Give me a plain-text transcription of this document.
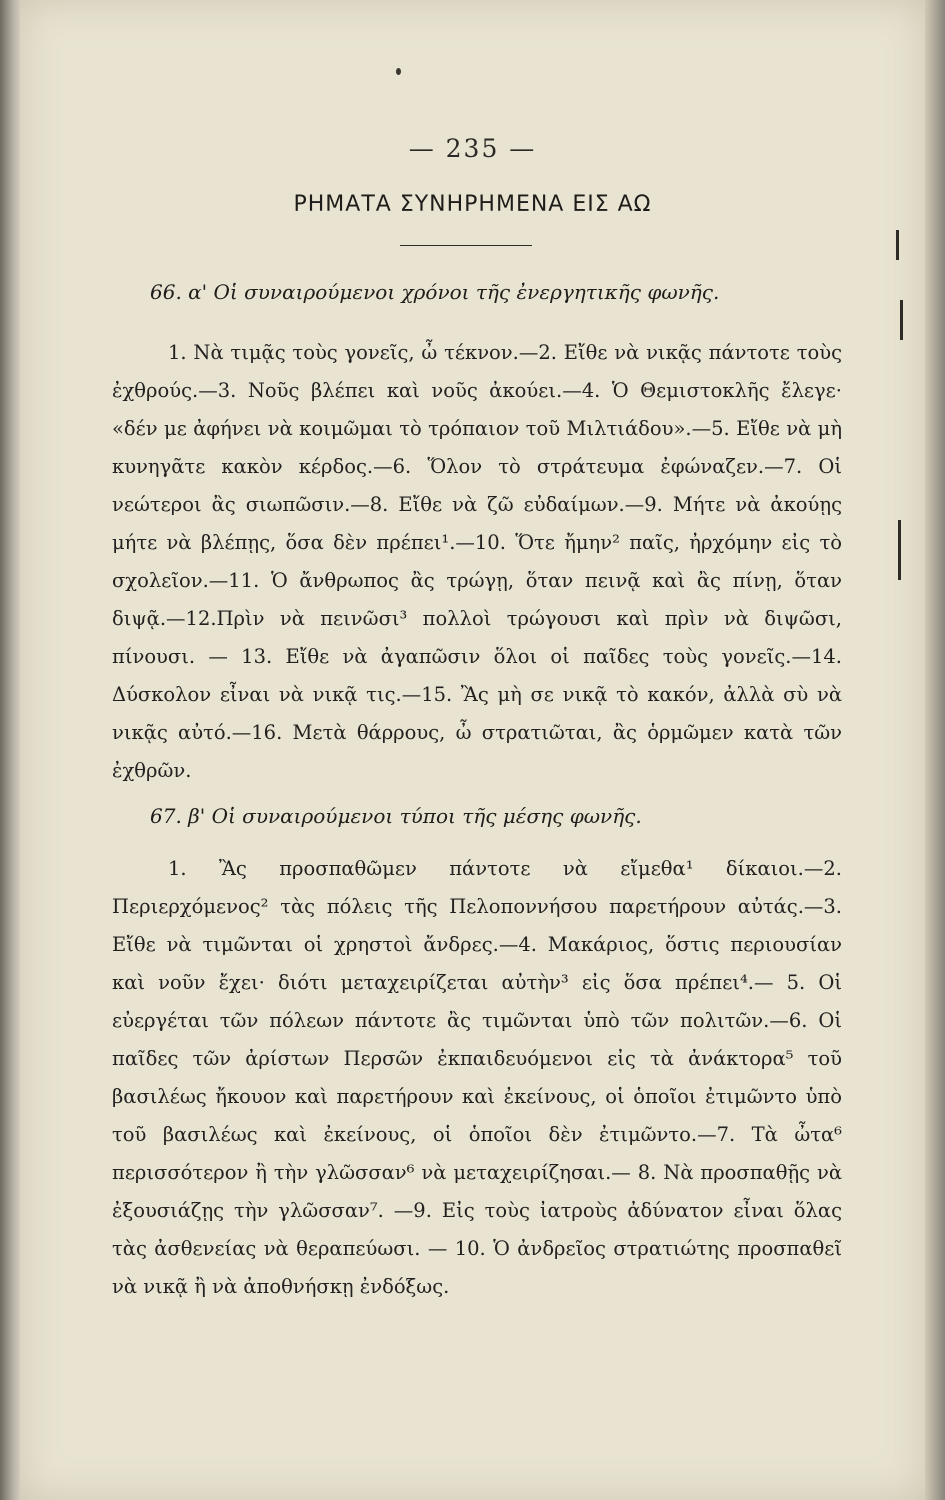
— 235 —
ΡΗΜΑΤΑ ΣΥΝΗΡΗΜΕΝΑ ΕΙΣ ΑΩ
66. α' Οἱ συναιρούμενοι χρόνοι τῆς ἐνεργητικῆς φωνῆς.
1. Νὰ τιμᾷς τοὺς γονεῖς, ὦ τέκνον.—2. Εἴθε νὰ νικᾷς πάντοτε τοὺς ἐχθρούς.—3. Νοῦς βλέπει καὶ νοῦς ἀκούει.—4. Ὁ Θεμιστοκλῆς ἔλεγε· «δέν με ἀφήνει νὰ κοιμῶμαι τὸ τρόπαιον τοῦ Μιλτιάδου».—5. Εἴθε νὰ μὴ κυνηγᾶτε κακὸν κέρδος.—6. Ὅλον τὸ στράτευμα ἐφώναζεν.—7. Οἱ νεώτεροι ἂς σιωπῶσιν.—8. Εἴθε νὰ ζῶ εὐδαίμων.—9. Μήτε νὰ ἀκούῃς μήτε νὰ βλέπῃς, ὅσα δὲν πρέπει¹.—10. Ὅτε ἤμην² παῖς, ἠρχόμην εἰς τὸ σχολεῖον.—11. Ὁ ἄνθρωπος ἂς τρώγῃ, ὅταν πεινᾷ καὶ ἂς πίνῃ, ὅταν διψᾷ.—12.Πρὶν νὰ πεινῶσι³ πολλοὶ τρώγουσι καὶ πρὶν νὰ διψῶσι, πίνουσι. — 13. Εἴθε νὰ ἀγαπῶσιν ὅλοι οἱ παῖδες τοὺς γονεῖς.—14. Δύσκολον εἶναι νὰ νικᾷ τις.—15. Ἂς μὴ σε νικᾷ τὸ κακόν, ἀλλὰ σὺ νὰ νικᾷς αὐτό.—16. Μετὰ θάρρους, ὦ στρατιῶται, ἂς ὁρμῶμεν κατὰ τῶν ἐχθρῶν.
67. β' Οἱ συναιρούμενοι τύποι τῆς μέσης φωνῆς.
1. Ἂς προσπαθῶμεν πάντοτε νὰ εἴμεθα¹ δίκαιοι.—2. Περιερχόμενος² τὰς πόλεις τῆς Πελοποννήσου παρετήρουν αὐτάς.—3. Εἴθε νὰ τιμῶνται οἱ χρηστοὶ ἄνδρες.—4. Μακάριος, ὅστις περιουσίαν καὶ νοῦν ἔχει· διότι μεταχειρίζεται αὐτὴν³ εἰς ὅσα πρέπει⁴.— 5. Οἱ εὐεργέται τῶν πόλεων πάντοτε ἂς τιμῶνται ὑπὸ τῶν πολιτῶν.—6. Οἱ παῖδες τῶν ἀρίστων Περσῶν ἐκπαιδευόμενοι εἰς τὰ ἀνάκτορα⁵ τοῦ βασιλέως ἤκουον καὶ παρετήρουν καὶ ἐκείνους, οἱ ὁποῖοι ἐτιμῶντο ὑπὸ τοῦ βασιλέως καὶ ἐκείνους, οἱ ὁποῖοι δὲν ἐτιμῶντο.—7. Τὰ ὦτα⁶ περισσότερον ἢ τὴν γλῶσσαν⁶ νὰ μεταχειρίζησαι.— 8. Νὰ προσπαθῇς νὰ ἐξουσιάζῃς τὴν γλῶσσαν⁷. —9. Εἰς τοὺς ἰατροὺς ἀδύνατον εἶναι ὅλας τὰς ἀσθενείας νὰ θεραπεύωσι. — 10. Ὁ ἀνδρεῖος στρατιώτης προσπαθεῖ νὰ νικᾷ ἢ νὰ ἀποθνήσκῃ ἐνδόξως.
